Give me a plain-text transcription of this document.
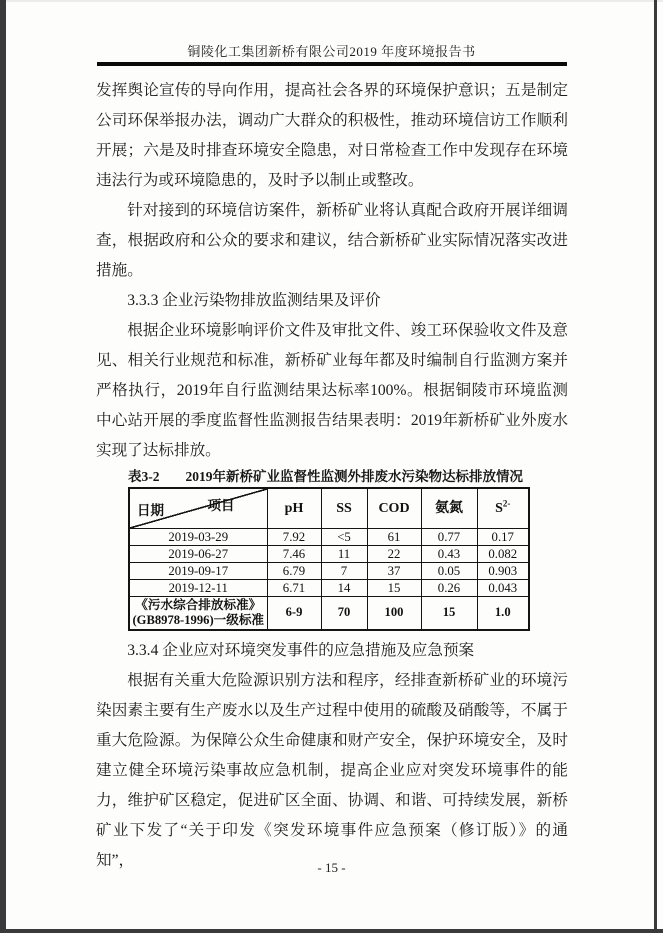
铜陵化工集团新桥有限公司2019 年度环境报告书

发挥舆论宣传的导向作用，提高社会各界的环境保护意识；五是制定公司环保举报办法，调动广大群众的积极性，推动环境信访工作顺利开展；六是及时排查环境安全隐患，对日常检查工作中发现存在环境违法行为或环境隐患的，及时予以制止或整改。

针对接到的环境信访案件，新桥矿业将认真配合政府开展详细调查，根据政府和公众的要求和建议，结合新桥矿业实际情况落实改进措施。

3.3.3 企业污染物排放监测结果及评价

根据企业环境影响评价文件及审批文件、竣工环保验收文件及意见、相关行业规范和标准，新桥矿业每年都及时编制自行监测方案并严格执行，2019年自行监测结果达标率100%。根据铜陵市环境监测中心站开展的季度监督性监测报告结果表明：2019年新桥矿业外废水实现了达标排放。

表3-2 2019年新桥矿业监督性监测外排废水污染物达标排放情况
项目
日期	pH	SS	COD	氨氮	$S^{2-}$
2019-03-29	7.92	<5	61	0.77	0.17
2019-06-27	7.46	11	22	0.43	0.082
2019-09-17	6.79	7	37	0.05	0.903
2019-12-11	6.71	14	15	0.26	0.043

《污水综合排放标准》
(GB8978-1996)一级标准	6-9	70	100	15	1.0

3.3.4 企业应对环境突发事件的应急措施及应急预案

根据有关重大危险源识别方法和程序，经排查新桥矿业的环境污染因素主要有生产废水以及生产过程中使用的硫酸及硝酸等，不属于重大危险源。为保障公众生命健康和财产安全，保护环境安全，及时建立健全环境污染事故应急机制，提高企业应对突发环境事件的能力，维护矿区稳定，促进矿区全面、协调、和谐、可持续发展，新桥矿业下发了“关于印发《突发环境事件应急预案（修订版）》的通知”，	- 15 -
